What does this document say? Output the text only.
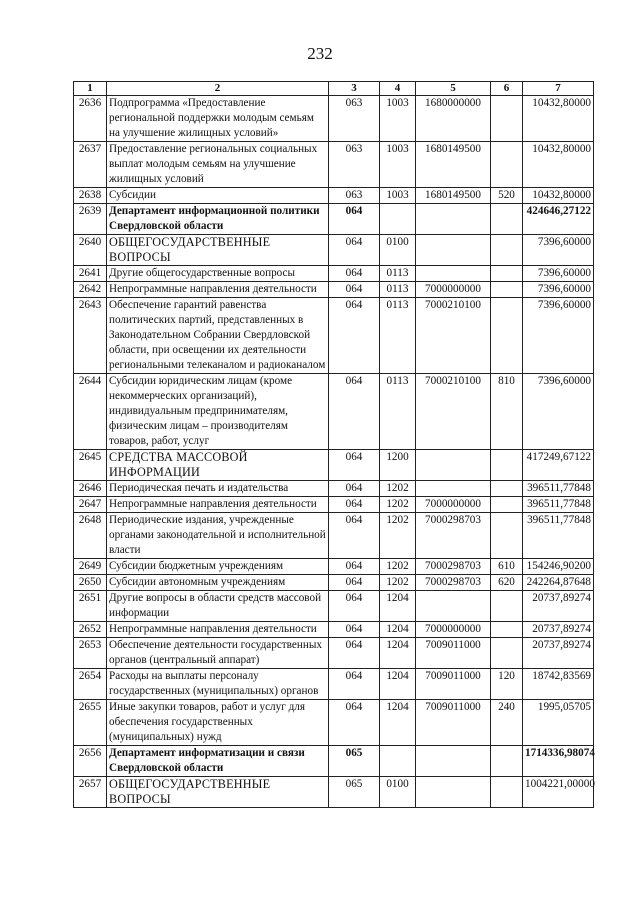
232
1	2	3	4	5	6	7
2636	Подпрограмма «Предоставление региональной поддержки молодым семьям на улучшение жилищных условий»	063	1003	1680000000		10432,80000
2637	Предоставление региональных социальных выплат молодым семьям на улучшение жилищных условий	063	1003	1680149500		10432,80000
2638	Субсидии	063	1003	1680149500	520	10432,80000
2639	Департамент информационной политики Свердловской области	064				424646,27122
2640	ОБЩЕГОСУДАРСТВЕННЫЕ ВОПРОСЫ	064	0100			7396,60000
2641	Другие общегосударственные вопросы	064	0113			7396,60000
2642	Непрограммные направления деятельности	064	0113	7000000000		7396,60000
2643	Обеспечение гарантий равенства политических партий, представленных в Законодательном Собрании Свердловской области, при освещении их деятельности региональными телеканалом и радиоканалом	064	0113	7000210100		7396,60000
2644	Субсидии юридическим лицам (кроме некоммерческих организаций), индивидуальным предпринимателям, физическим лицам – производителям товаров, работ, услуг	064	0113	7000210100	810	7396,60000
2645	СРЕДСТВА МАССОВОЙ ИНФОРМАЦИИ	064	1200			417249,67122
2646	Периодическая печать и издательства	064	1202			396511,77848
2647	Непрограммные направления деятельности	064	1202	7000000000		396511,77848
2648	Периодические издания, учрежденные органами законодательной и исполнительной власти	064	1202	7000298703		396511,77848
2649	Субсидии бюджетным учреждениям	064	1202	7000298703	610	154246,90200
2650	Субсидии автономным учреждениям	064	1202	7000298703	620	242264,87648
2651	Другие вопросы в области средств массовой информации	064	1204			20737,89274
2652	Непрограммные направления деятельности	064	1204	7000000000		20737,89274
2653	Обеспечение деятельности государственных органов (центральный аппарат)	064	1204	7009011000		20737,89274
2654	Расходы на выплаты персоналу государственных (муниципальных) органов	064	1204	7009011000	120	18742,83569
2655	Иные закупки товаров, работ и услуг для обеспечения государственных (муниципальных) нужд	064	1204	7009011000	240	1995,05705
2656	Департамент информатизации и связи Свердловской области	065				1714336,98074
2657	ОБЩЕГОСУДАРСТВЕННЫЕ ВОПРОСЫ	065	0100			1004221,00000
